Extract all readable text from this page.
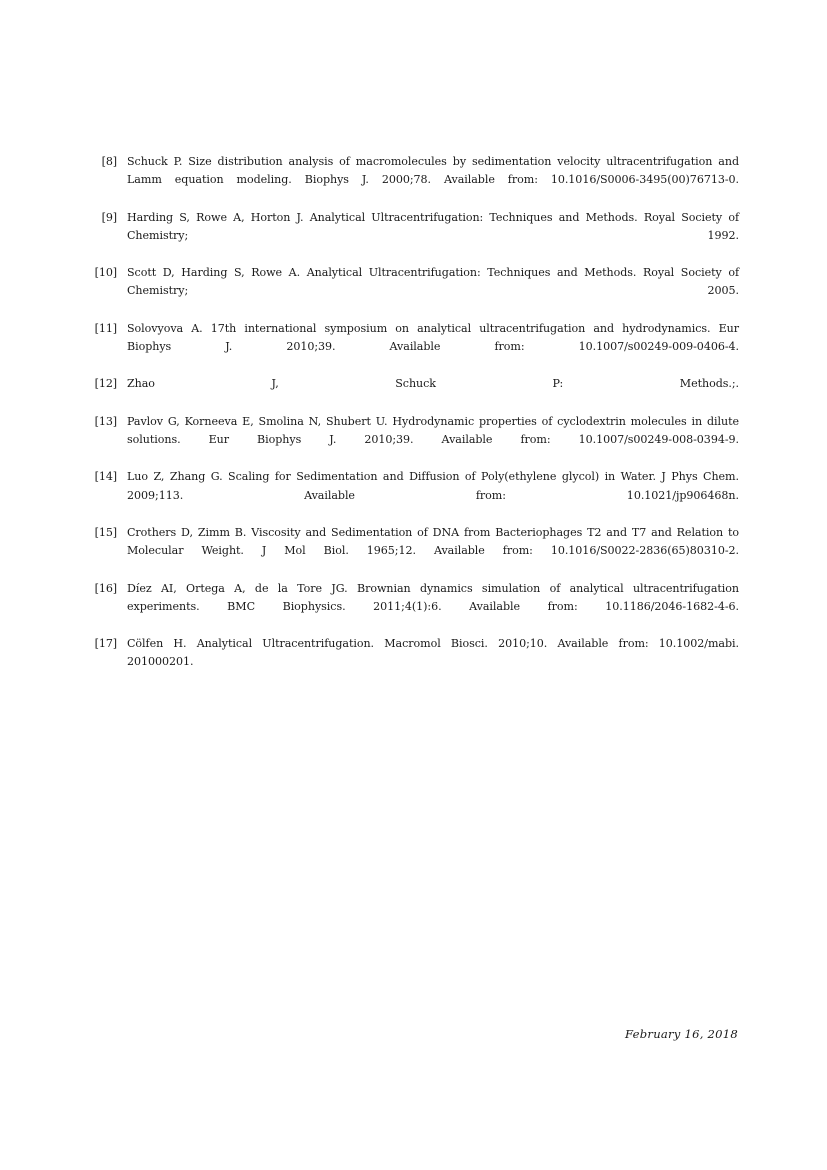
[8] Schuck P. Size distribution analysis of macromolecules by sedimentation velocity ultracentrifugation and Lamm equation modeling. Biophys J. 2000;78. Available from: 10.1016/S0006-3495(00)76713-0.
[9] Harding S, Rowe A, Horton J. Analytical Ultracentrifugation: Techniques and Methods. Royal Society of Chemistry; 1992.
[10] Scott D, Harding S, Rowe A. Analytical Ultracentrifugation: Techniques and Methods. Royal Society of Chemistry; 2005.
[11] Solovyova A. 17th international symposium on analytical ultracentrifugation and hydrodynamics. Eur Biophys J. 2010;39. Available from: 10.1007/s00249-009-0406-4.
[12] Zhao J, Schuck P: Methods.;.
[13] Pavlov G, Korneeva E, Smolina N, Shubert U. Hydrodynamic properties of cyclodextrin molecules in dilute solutions. Eur Biophys J. 2010;39. Available from: 10.1007/s00249-008-0394-9.
[14] Luo Z, Zhang G. Scaling for Sedimentation and Diffusion of Poly(ethylene glycol) in Water. J Phys Chem. 2009;113. Available from: 10.1021/jp906468n.
[15] Crothers D, Zimm B. Viscosity and Sedimentation of DNA from Bacteriophages T2 and T7 and Relation to Molecular Weight. J Mol Biol. 1965;12. Available from: 10.1016/S0022-2836(65)80310-2.
[16] Díez AI, Ortega A, de la Tore JG. Brownian dynamics simulation of analytical ultracentrifugation experiments. BMC Biophysics. 2011;4(1):6. Available from: 10.1186/2046-1682-4-6.
[17] Cölfen H. Analytical Ultracentrifugation. Macromol Biosci. 2010;10. Available from: 10.1002/mabi. 201000201.
February 16, 2018
